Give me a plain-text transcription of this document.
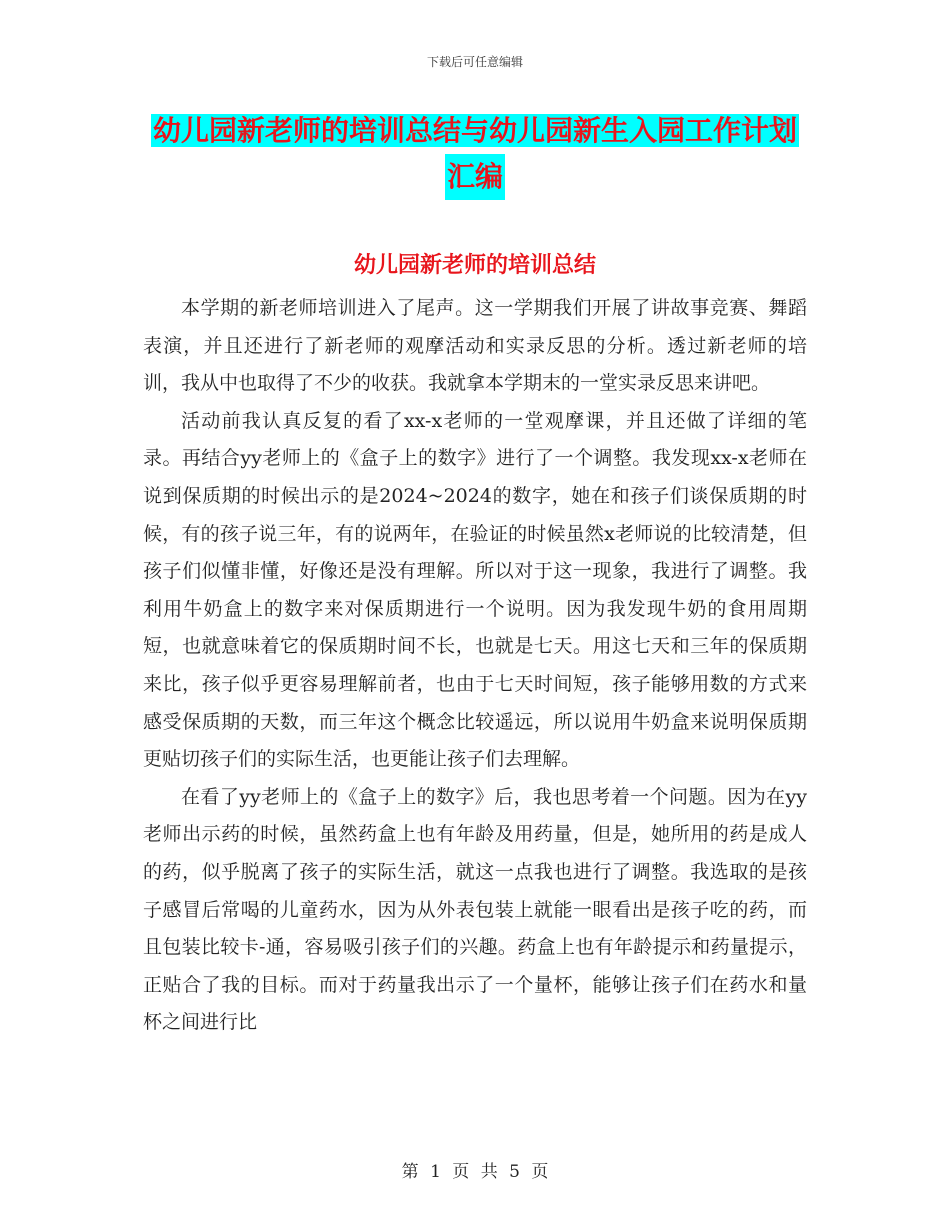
下载后可任意编辑
幼儿园新老师的培训总结与幼儿园新生入园工作计划
汇编
幼儿园新老师的培训总结

本学期的新老师培训进入了尾声。这一学期我们开展了讲故事竞赛、舞蹈表演，并且还进行了新老师的观摩活动和实录反思的分析。透过新老师的培训，我从中也取得了不少的收获。我就拿本学期末的一堂实录反思来讲吧。

活动前我认真反复的看了xx-x老师的一堂观摩课，并且还做了详细的笔录。再结合yy老师上的《盒子上的数字》进行了一个调整。我发现xx-x老师在说到保质期的时候出示的是2024~2024的数字，她在和孩子们谈保质期的时候，有的孩子说三年，有的说两年，在验证的时候虽然x老师说的比较清楚，但孩子们似懂非懂，好像还是没有理解。所以对于这一现象，我进行了调整。我利用牛奶盒上的数字来对保质期进行一个说明。因为我发现牛奶的食用周期短，也就意味着它的保质期时间不长，也就是七天。用这七天和三年的保质期来比，孩子似乎更容易理解前者，也由于七天时间短，孩子能够用数的方式来感受保质期的天数，而三年这个概念比较遥远，所以说用牛奶盒来说明保质期更贴切孩子们的实际生活，也更能让孩子们去理解。

在看了yy老师上的《盒子上的数字》后，我也思考着一个问题。因为在yy老师出示药的时候，虽然药盒上也有年龄及用药量，但是，她所用的药是成人的药，似乎脱离了孩子的实际生活，就这一点我也进行了调整。我选取的是孩子感冒后常喝的儿童药水，因为从外表包装上就能一眼看出是孩子吃的药，而且包装比较卡-通，容易吸引孩子们的兴趣。药盒上也有年龄提示和药量提示，正贴合了我的目标。而对于药量我出示了一个量杯，能够让孩子们在药水和量杯之间进行比

第 1 页 共 5 页
